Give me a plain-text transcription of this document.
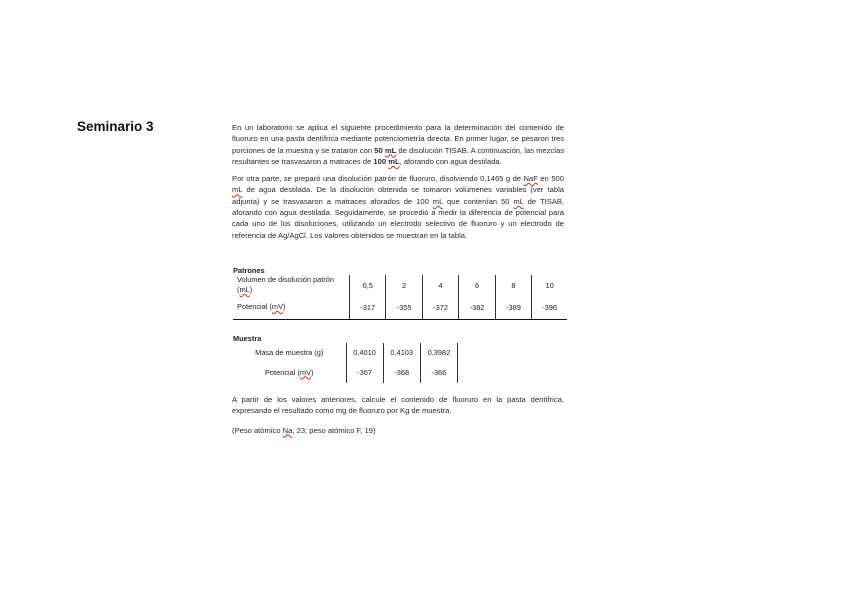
Seminario 3	En un laboratorio se aplica el siguiente procedimiento para la determinación del contenido de fluoruro en una pasta dentífrica mediante potenciometría directa. En primer lugar, se pesaron tres porciones de la muestra y se trataron con 50 mL de disolución TISAB. A continuación, las mezclas resultantes se trasvasaron a matraces de 100 mL, aforando con agua destilada.

Por otra parte, se preparó una disolución patrón de fluoruro, disolviendo 0,1465 g de NaF en 500 mL de agua destilada. De la disolución obtenida se tomaron volúmenes variables (ver tabla adjunta) y se trasvasaron a matraces aforados de 100 mL que contenían 50 mL de TISAB, aforando con agua destilada. Seguidamente, se procedió a medir la diferencia de potencial para cada uno de los disoluciones, utilizando un electrodo selectivo de fluoruro y un electrodo de referencia de Ag/AgCl. Los valores obtenidos se muestran en la tabla.

Patrones
Volumen de disolución patrón
(mL)	0,5	2	4	6	8	10
Potencial (mV)	-317	-355	-372	-382	-389	-396
Muestra
Masa de muestra (g)	0,4010	0,4103	0,3982	
Potencial (mV)	-367	-368	-366	

A partir de los valores anteriores, calcule el contenido de fluoruro en la pasta dentífrica, expresando el resultado como mg de fluoruro por Kg de muestra.

(Peso atómico Na, 23; peso atómico F, 19)
